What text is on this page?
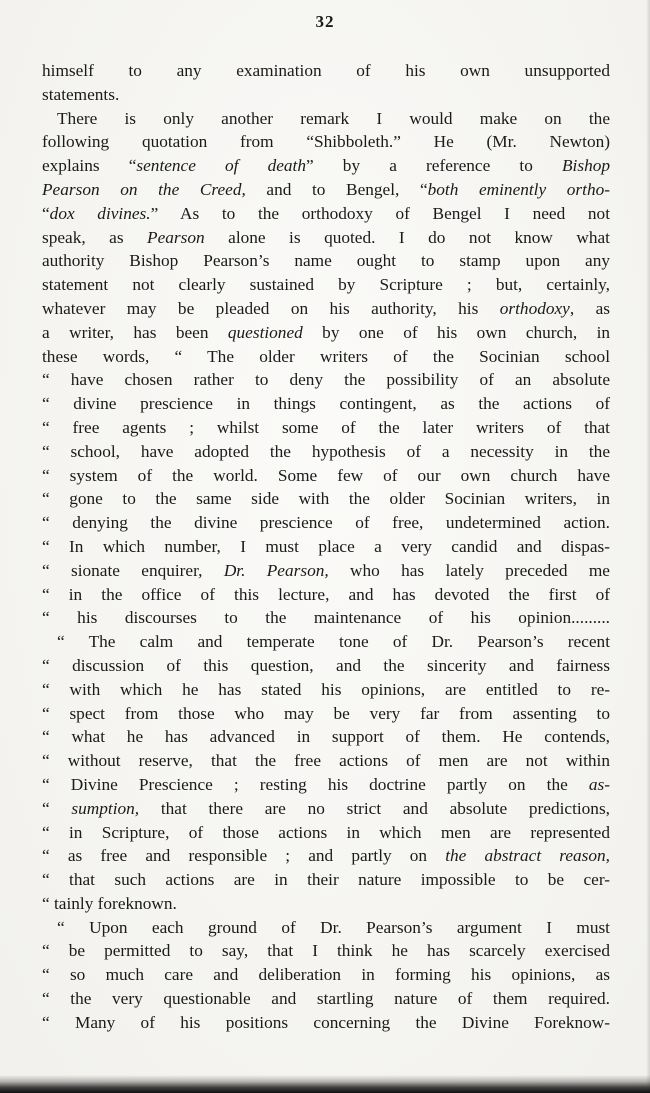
32
himself to any examination of his own unsupported
statements.
There is only another remark I would make on the
following quotation from “Shibboleth.” He (Mr. Newton)
explains “sentence of death” by a reference to Bishop
Pearson on the Creed, and to Bengel, “both eminently ortho-
“dox divines.” As to the orthodoxy of Bengel I need not
speak, as Pearson alone is quoted. I do not know what
authority Bishop Pearson’s name ought to stamp upon any
statement not clearly sustained by Scripture ; but, certainly,
whatever may be pleaded on his authority, his orthodoxy, as
a writer, has been questioned by one of his own church, in
these words, “ The older writers of the Socinian school
“ have chosen rather to deny the possibility of an absolute
“ divine prescience in things contingent, as the actions of
“ free agents ; whilst some of the later writers of that
“ school, have adopted the hypothesis of a necessity in the
“ system of the world. Some few of our own church have
“ gone to the same side with the older Socinian writers, in
“ denying the divine prescience of free, undetermined action.
“ In which number, I must place a very candid and dispas-
“ sionate enquirer, Dr. Pearson, who has lately preceded me
“ in the office of this lecture, and has devoted the first of
“ his discourses to the maintenance of his opinion.........
“ The calm and temperate tone of Dr. Pearson’s recent
“ discussion of this question, and the sincerity and fairness
“ with which he has stated his opinions, are entitled to re-
“ spect from those who may be very far from assenting to
“ what he has advanced in support of them. He contends,
“ without reserve, that the free actions of men are not within
“ Divine Prescience ; resting his doctrine partly on the as-
“ sumption, that there are no strict and absolute predictions,
“ in Scripture, of those actions in which men are represented
“ as free and responsible ; and partly on the abstract reason,
“ that such actions are in their nature impossible to be cer-
“ tainly foreknown.
“ Upon each ground of Dr. Pearson’s argument I must
“ be permitted to say, that I think he has scarcely exercised
“ so much care and deliberation in forming his opinions, as
“ the very questionable and startling nature of them required.
“ Many of his positions concerning the Divine Foreknow-
